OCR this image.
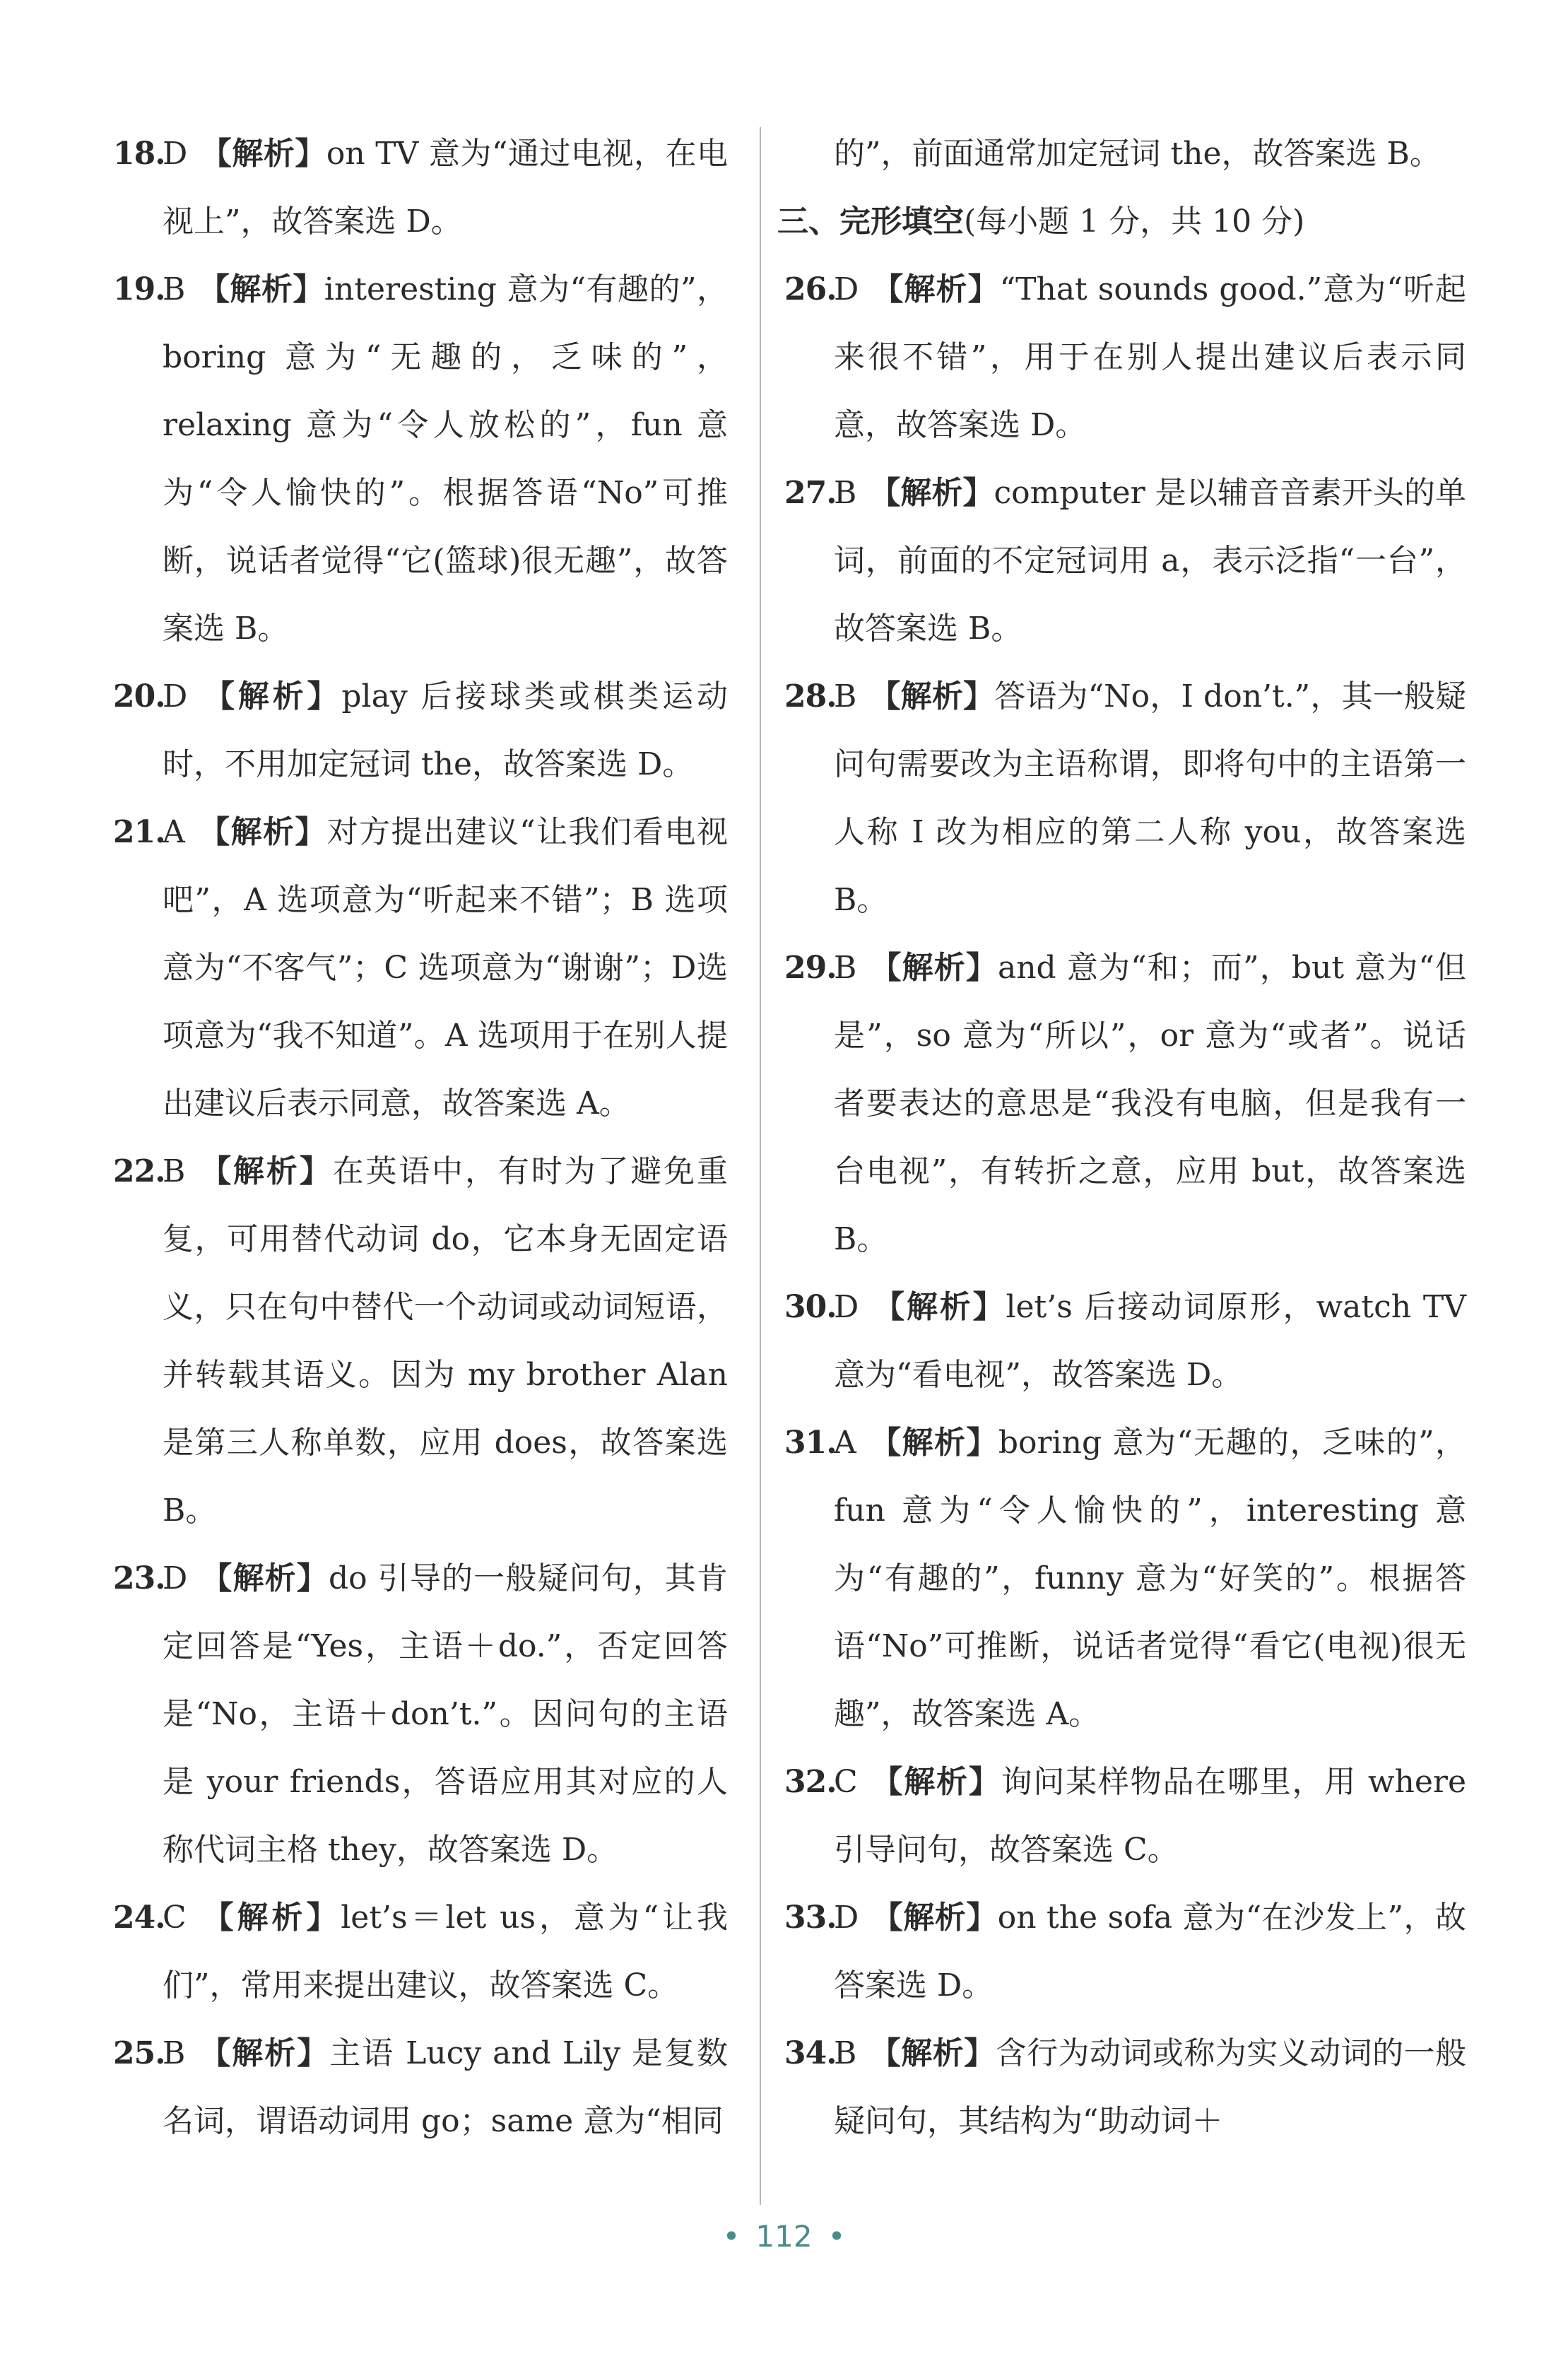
18.
D 【解析】on TV 意为“通过电视，在电视上”，故答案选 D。

19.
B 【解析】interesting 意为“有趣的”，boring 意为“无趣的，乏味的”，relaxing 意为“令人放松的”，fun 意为“令人愉快的”。根据答语“No”可推断，说话者觉得“它(篮球)很无趣”，故答案选 B。

20.
D 【解析】play 后接球类或棋类运动时，不用加定冠词 the，故答案选 D。

21.
A 【解析】对方提出建议“让我们看电视吧”，A 选项意为“听起来不错”；B 选项意为“不客气”；C 选项意为“谢谢”；D选项意为“我不知道”。A 选项用于在别人提出建议后表示同意，故答案选 A。

22.
B 【解析】在英语中，有时为了避免重复，可用替代动词 do，它本身无固定语义，只在句中替代一个动词或动词短语，并转载其语义。因为 my brother Alan 是第三人称单数，应用 does，故答案选 B。

23.
D 【解析】do 引导的一般疑问句，其肯定回答是“Yes，主语＋do.”，否定回答是“No，主语＋don’t.”。因问句的主语是 your friends，答语应用其对应的人称代词主格 they，故答案选 D。

24.
C 【解析】let’s＝let us，意为“让我们”，常用来提出建议，故答案选 C。

25.
B 【解析】主语 Lucy and Lily 是复数名词，谓语动词用 go；same 意为“相同

的”，前面通常加定冠词 the，故答案选 B。

三、完形填空(每小题 1 分，共 10 分)

26.
D 【解析】“That sounds good.”意为“听起来很不错”，用于在别人提出建议后表示同意，故答案选 D。

27.
B 【解析】computer 是以辅音音素开头的单词，前面的不定冠词用 a，表示泛指“一台”，故答案选 B。

28.
B 【解析】答语为“No，I don’t.”，其一般疑问句需要改为主语称谓，即将句中的主语第一人称 I 改为相应的第二人称 you，故答案选 B。

29.
B 【解析】and 意为“和；而”，but 意为“但是”，so 意为“所以”，or 意为“或者”。说话者要表达的意思是“我没有电脑，但是我有一台电视”，有转折之意，应用 but，故答案选 B。

30.
D 【解析】let’s 后接动词原形，watch TV 意为“看电视”，故答案选 D。

31.
A 【解析】boring 意为“无趣的，乏味的”，fun 意为“令人愉快的”，interesting 意为“有趣的”，funny 意为“好笑的”。根据答语“No”可推断，说话者觉得“看它(电视)很无趣”，故答案选 A。

32.
C 【解析】询问某样物品在哪里，用 where 引导问句，故答案选 C。

33.
D 【解析】on the sofa 意为“在沙发上”，故答案选 D。

34.
B 【解析】含行为动词或称为实义动词的一般疑问句，其结构为“助动词＋

• 112 •
